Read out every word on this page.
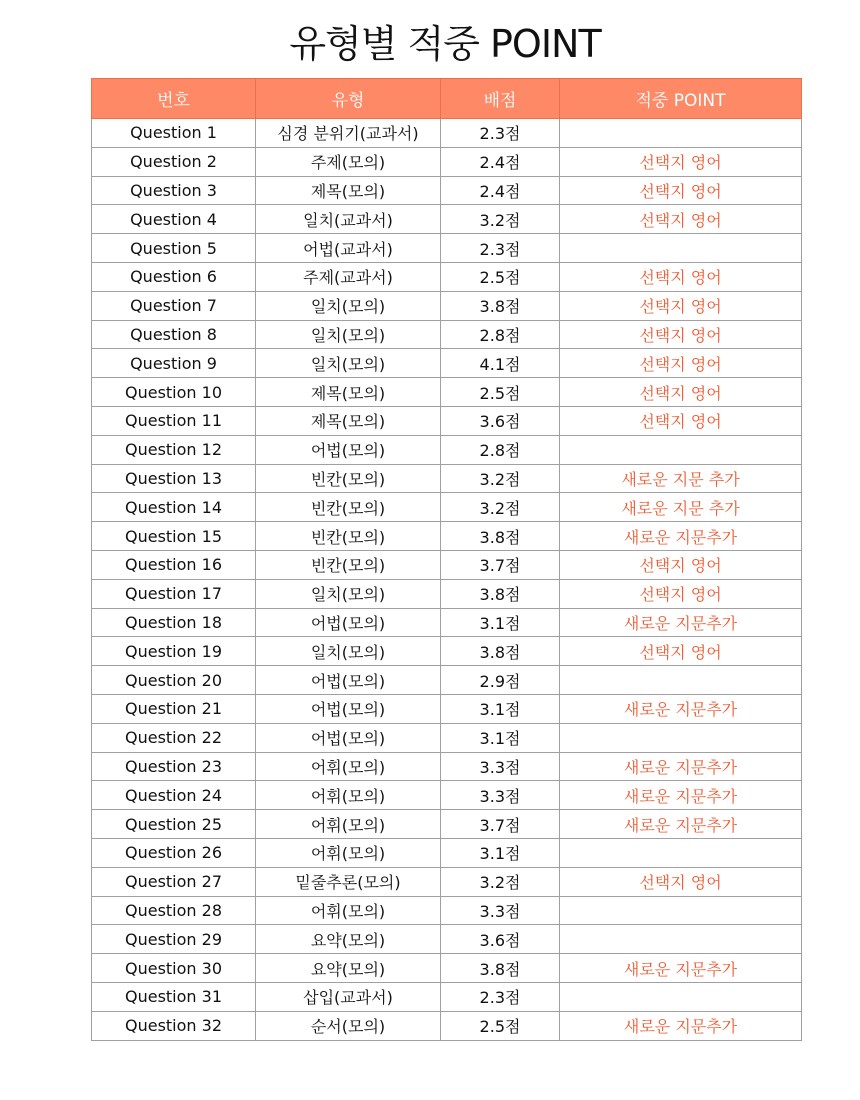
유형별 적중 POINT
번호	유형	배점	적중 POINT
Question 1	심경 분위기(교과서)	2.3점	
Question 2	주제(모의)	2.4점	선택지 영어
Question 3	제목(모의)	2.4점	선택지 영어
Question 4	일치(교과서)	3.2점	선택지 영어
Question 5	어법(교과서)	2.3점	
Question 6	주제(교과서)	2.5점	선택지 영어
Question 7	일치(모의)	3.8점	선택지 영어
Question 8	일치(모의)	2.8점	선택지 영어
Question 9	일치(모의)	4.1점	선택지 영어
Question 10	제목(모의)	2.5점	선택지 영어
Question 11	제목(모의)	3.6점	선택지 영어
Question 12	어법(모의)	2.8점	
Question 13	빈칸(모의)	3.2점	새로운 지문 추가
Question 14	빈칸(모의)	3.2점	새로운 지문 추가
Question 15	빈칸(모의)	3.8점	새로운 지문추가
Question 16	빈칸(모의)	3.7점	선택지 영어
Question 17	일치(모의)	3.8점	선택지 영어
Question 18	어법(모의)	3.1점	새로운 지문추가
Question 19	일치(모의)	3.8점	선택지 영어
Question 20	어법(모의)	2.9점	
Question 21	어법(모의)	3.1점	새로운 지문추가
Question 22	어법(모의)	3.1점	
Question 23	어휘(모의)	3.3점	새로운 지문추가
Question 24	어휘(모의)	3.3점	새로운 지문추가
Question 25	어휘(모의)	3.7점	새로운 지문추가
Question 26	어휘(모의)	3.1점	
Question 27	밑줄추론(모의)	3.2점	선택지 영어
Question 28	어휘(모의)	3.3점	
Question 29	요약(모의)	3.6점	
Question 30	요약(모의)	3.8점	새로운 지문추가
Question 31	삽입(교과서)	2.3점	
Question 32	순서(모의)	2.5점	새로운 지문추가
